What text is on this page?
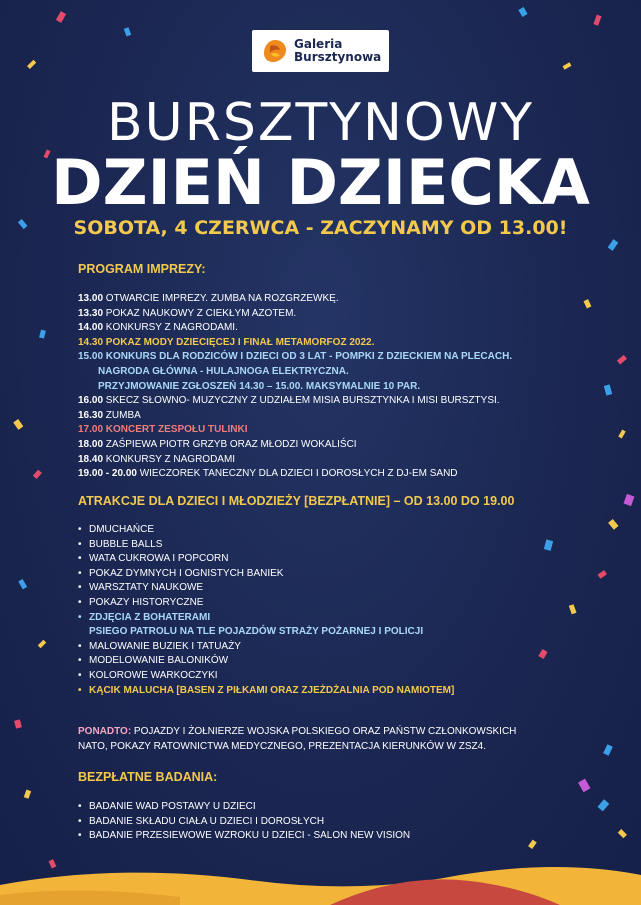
Galeria
Bursztynowa
BURSZTYNOWY
DZIEŃ DZIECKA
SOBOTA, 4 CZERWCA - ZACZYNAMY OD 13.00!
PROGRAM IMPREZY:
13.00 OTWARCIE IMPREZY. ZUMBA NA ROZGRZEWKĘ.
13.30 POKAZ NAUKOWY Z CIEKŁYM AZOTEM.
14.00 KONKURSY Z NAGRODAMI.
14.30 POKAZ MODY DZIECIĘCEJ I FINAŁ METAMORFOZ 2022.
15.00 KONKURS DLA RODZICÓW I DZIECI OD 3 LAT - POMPKI Z DZIECKIEM NA PLECACH.
NAGRODA GŁÓWNA - HULAJNOGA ELEKTRYCZNA.
PRZYJMOWANIE ZGŁOSZEŃ 14.30 – 15.00. MAKSYMALNIE 10 PAR.
16.00 SKECZ SŁOWNO- MUZYCZNY Z UDZIAŁEM MISIA BURSZTYNKA I MISI BURSZTYSI.
16.30 ZUMBA
17.00 KONCERT ZESPOŁU TULINKI
18.00 ZAŚPIEWA PIOTR GRZYB ORAZ MŁODZI WOKALIŚCI
18.40 KONKURSY Z NAGRODAMI
19.00 - 20.00 WIECZOREK TANECZNY DLA DZIECI I DOROSŁYCH Z DJ-EM SAND
ATRAKCJE DLA DZIECI I MŁODZIEŻY [BEZPŁATNIE] – OD 13.00 DO 19.00
• DMUCHAŃCE
• BUBBLE BALLS
• WATA CUKROWA I POPCORN
• POKAZ DYMNYCH I OGNISTYCH BANIEK
• WARSZTATY NAUKOWE
• POKAZY HISTORYCZNE
• ZDJĘCIA Z BOHATERAMI
PSIEGO PATROLU NA TLE POJAZDÓW STRAŻY POŻARNEJ I POLICJI
• MALOWANIE BUZIEK I TATUAŻY
• MODELOWANIE BALONIKÓW
• KOLOROWE WARKOCZYKI
• KĄCIK MALUCHA [BASEN Z PIŁKAMI ORAZ ZJEŻDŻALNIA POD NAMIOTEM]
PONADTO: POJAZDY I ŻOŁNIERZE WOJSKA POLSKIEGO ORAZ PAŃSTW CZŁONKOWSKICH
NATO, POKAZY RATOWNICTWA MEDYCZNEGO, PREZENTACJA KIERUNKÓW W ZSZ4.
BEZPŁATNE BADANIA:
• BADANIE WAD POSTAWY U DZIECI
• BADANIE SKŁADU CIAŁA U DZIECI I DOROSŁYCH
• BADANIE PRZESIEWOWE WZROKU U DZIECI - SALON NEW VISION
